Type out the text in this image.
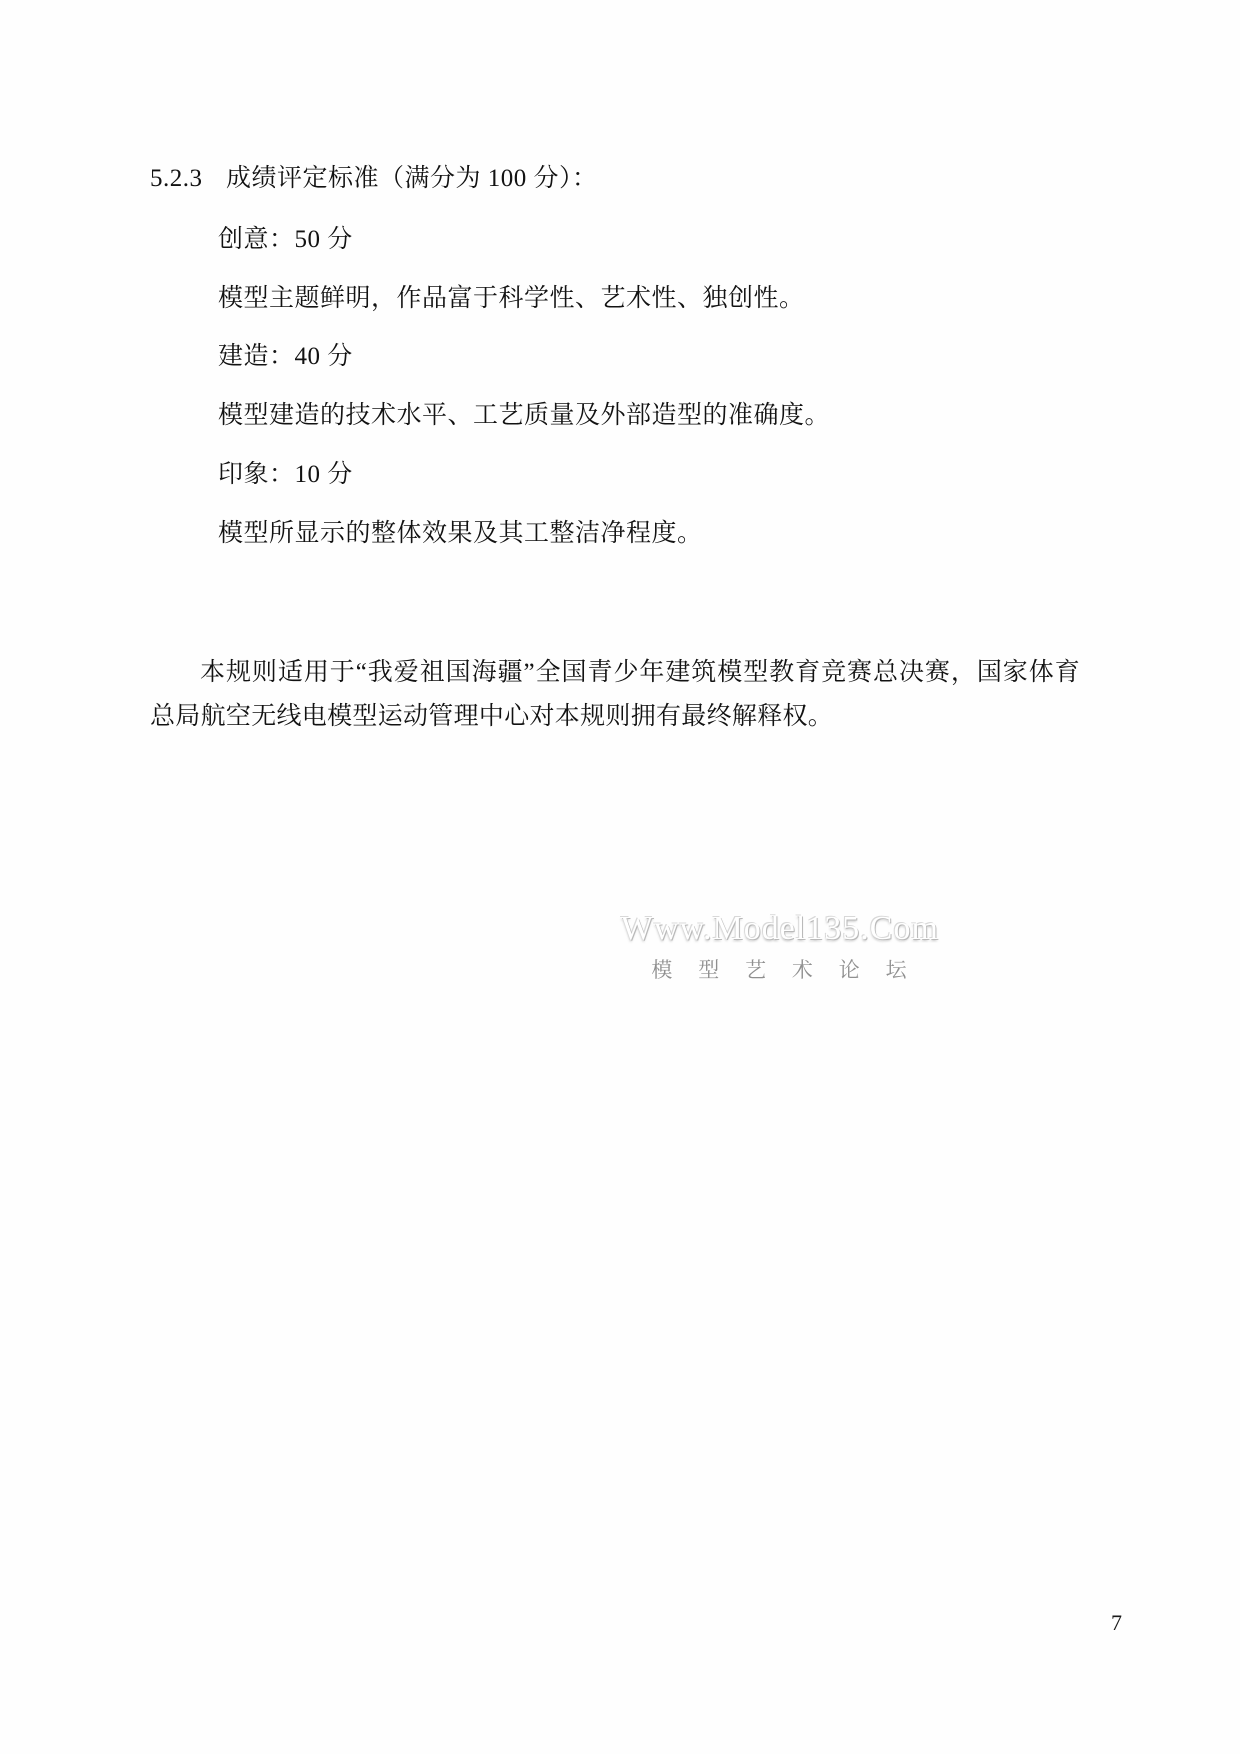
5.2.3 成绩评定标准（满分为 100 分）：

创意：50 分

模型主题鲜明，作品富于科学性、艺术性、独创性。

建造：40 分

模型建造的技术水平、工艺质量及外部造型的准确度。

印象：10 分

模型所显示的整体效果及其工整洁净程度。

本规则适用于“我爱祖国海疆”全国青少年建筑模型教育竞赛总决赛，国家体育总局航空无线电模型运动管理中心对本规则拥有最终解释权。

Www.Model135.Com
模 型 艺 术 论 坛
7
